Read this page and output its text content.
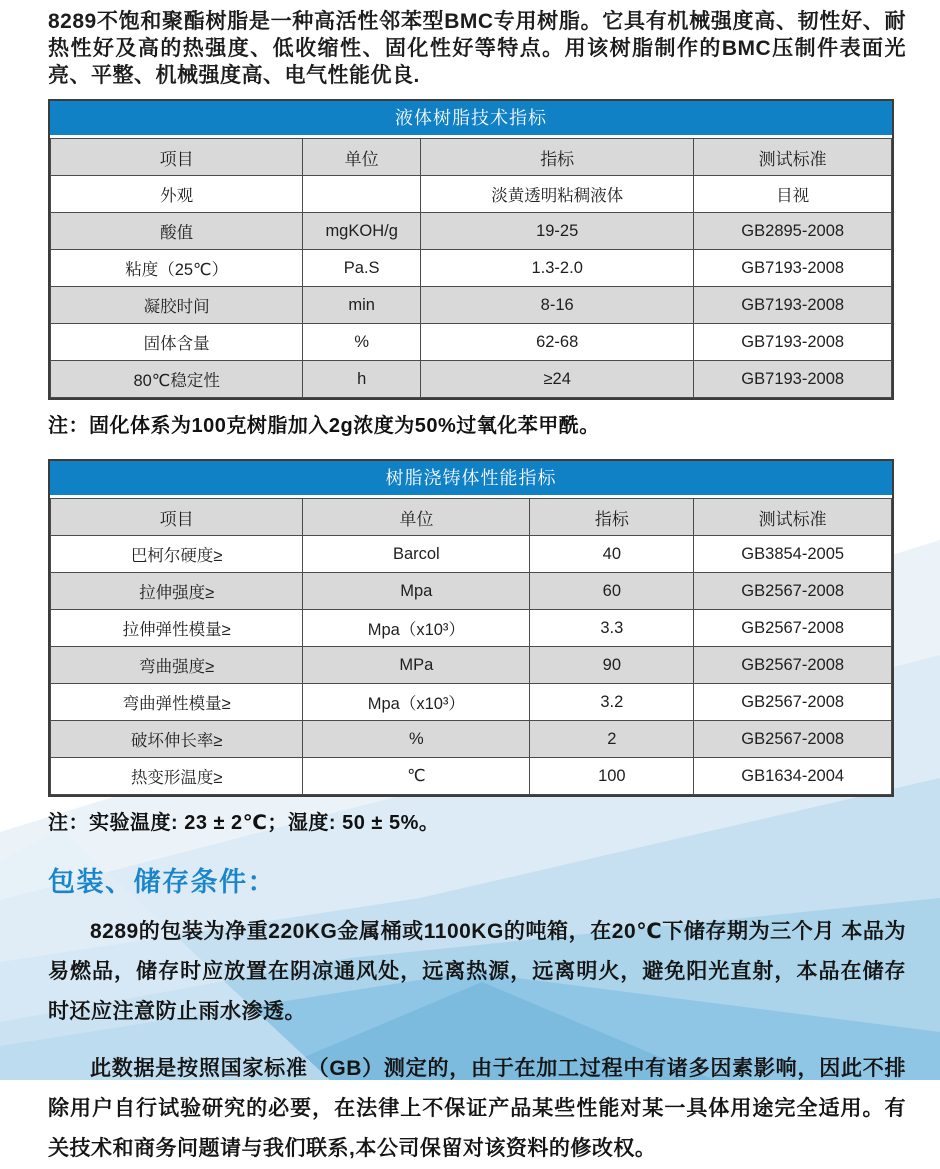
8289不饱和聚酯树脂是一种高活性邻苯型BMC专用树脂。它具有机械强度高、韧性好、耐热性好及高的热强度、低收缩性、固化性好等特点。用该树脂制作的BMC压制件表面光亮、平整、机械强度高、电气性能优良.

液体树脂技术指标
项目	单位	指标	测试标准
外观		淡黄透明粘稠液体	目视
酸值	mgKOH/g	19-25	GB2895-2008
粘度（25℃）	Pa.S	1.3-2.0	GB7193-2008
凝胶时间	min	8-16	GB7193-2008
固体含量	%	62-68	GB7193-2008
80℃稳定性	h	≥24	GB7193-2008

注：固化体系为100克树脂加入2g浓度为50%过氧化苯甲酰。

树脂浇铸体性能指标
项目	单位	指标	测试标准
巴柯尔硬度≥	Barcol	40	GB3854-2005
拉伸强度≥	Mpa	60	GB2567-2008
拉伸弹性模量≥	Mpa（x10³）	3.3	GB2567-2008
弯曲强度≥	MPa	90	GB2567-2008
弯曲弹性模量≥	Mpa（x10³）	3.2	GB2567-2008
破坏伸长率≥	%	2	GB2567-2008
热变形温度≥	℃	100	GB1634-2004

注：实验温度: 23 ± 2℃；湿度: 50 ± 5%。

包装、储存条件：

8289的包装为净重220KG金属桶或1100KG的吨箱，在20℃下储存期为三个月 本品为易燃品，储存时应放置在阴凉通风处，远离热源，远离明火，避免阳光直射，本品在储存时还应注意防止雨水渗透。

此数据是按照国家标准（GB）测定的，由于在加工过程中有诸多因素影响，因此不排除用户自行试验研究的必要，在法律上不保证产品某些性能对某一具体用途完全适用。有关技术和商务问题请与我们联系,本公司保留对该资料的修改权。
